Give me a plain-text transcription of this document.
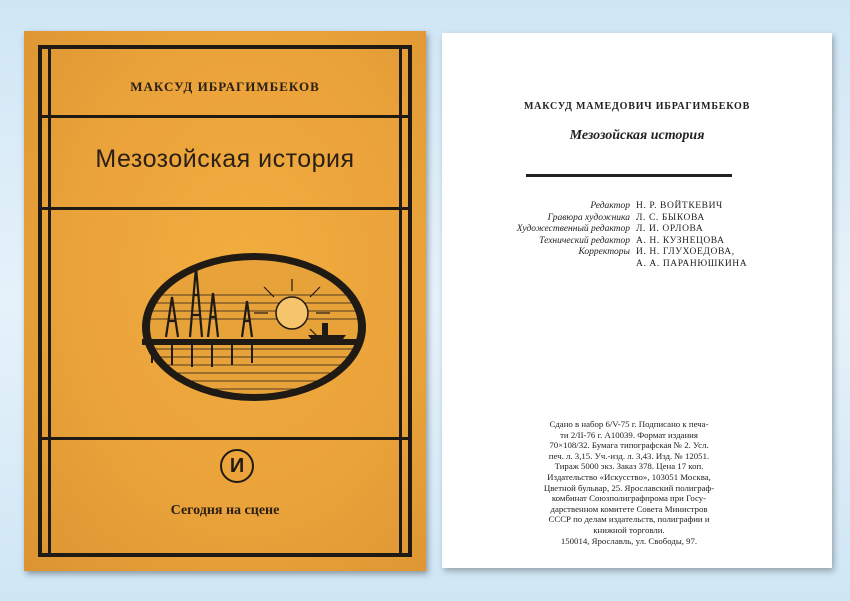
МАКСУД ИБРАГИМБЕКОВ
Мезозойская история
И
Сегодня на сцене
МАКСУД МАМЕДОВИЧ ИБРАГИМБЕКОВ
Мезозойская история
Редактор Н. Р. ВОЙТКЕВИЧ
Гравюра художника Л. С. БЫКОВА
Художественный редактор Л. И. ОРЛОВА
Технический редактор А. Н. КУЗНЕЦОВА
Корректоры И. Н. ГЛУХОЕДОВА,
А. А. ПАРАНЮШКИНА
Сдано в набор 6/V-75 г. Подписано к печа-
ти 2/II-76 г. А10039. Формат издания
70×108/32. Бумага типографская № 2. Усл.
печ. л. 3,15. Уч.-изд. л. 3,43. Изд. № 12051.
Тираж 5000 экз. Заказ 378. Цена 17 коп.
Издательство «Искусство», 103051 Москва,
Цветной бульвар, 25. Ярославский полиграф-
комбинат Союзполиграфпрома при Госу-
дарственном комитете Совета Министров
СССР по делам издательств, полиграфии и
книжной торговли.
150014, Ярославль, ул. Свободы, 97.
